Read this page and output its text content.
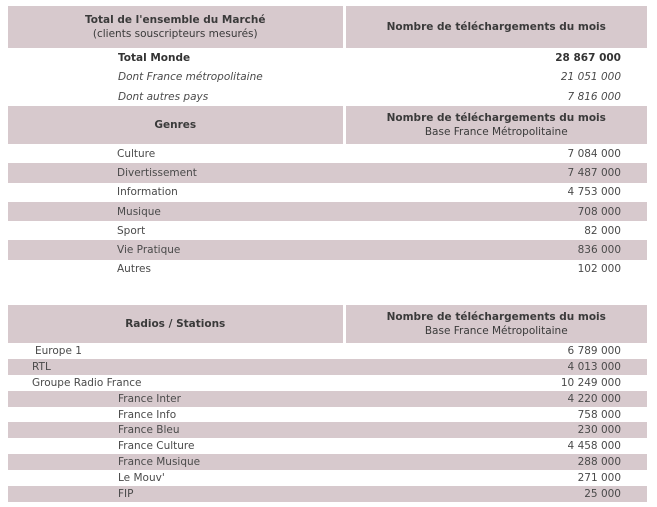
Total de l'ensemble du Marché
(clients souscripteurs mesurés)	Nombre de téléchargements du mois
Total Monde	28 867 000
Dont France métropolitaine	21 051 000
Dont autres pays	7 816 000
Genres	Nombre de téléchargements du mois
Base France Métropolitaine

Culture	7 084 000
Divertissement	7 487 000
Information	4 753 000
Musique	708 000
Sport	82 000
Vie Pratique	836 000
Autres	102 000
Radios / Stations	Nombre de téléchargements du mois
Base France Métropolitaine

Europe 1	6 789 000
RTL	4 013 000
Groupe Radio France	10 249 000
France Inter	4 220 000
France Info	758 000
France Bleu	230 000
France Culture	4 458 000
France Musique	288 000
Le Mouv'	271 000
FIP	25 000
